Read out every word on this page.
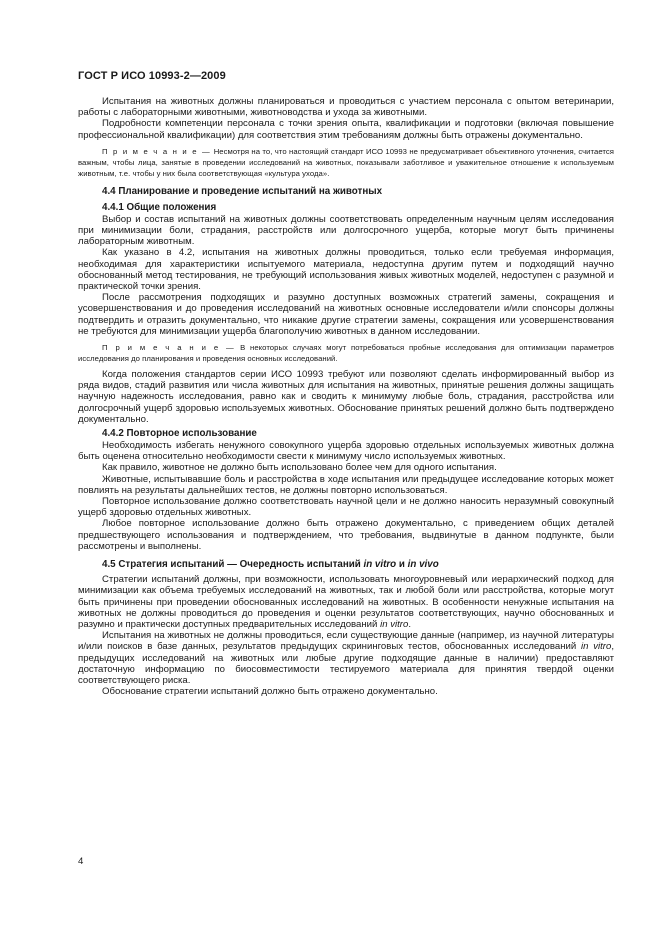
ГОСТ Р ИСО 10993-2—2009

Испытания на животных должны планироваться и проводиться с участием персонала с опытом ветеринарии, работы с лабораторными животными, животноводства и ухода за животными.

Подробности компетенции персонала с точки зрения опыта, квалификации и подготовки (включая повышение профессиональной квалификации) для соответствия этим требованиям должны быть отражены документально.

П р и м е ч а н и е — Несмотря на то, что настоящий стандарт ИСО 10993 не предусматривает объективного уточнения, считается важным, чтобы лица, занятые в проведении исследований на животных, показывали заботливое и уважительное отношение к используемым животным, т.е. чтобы у них была соответствующая «культура ухода».

4.4 Планирование и проведение испытаний на животных
4.4.1 Общие положения

Выбор и состав испытаний на животных должны соответствовать определенным научным целям исследования при минимизации боли, страдания, расстройств или долгосрочного ущерба, которые могут быть причинены лабораторным животным.

Как указано в 4.2, испытания на животных должны проводиться, только если требуемая информация, необходимая для характеристики испытуемого материала, недоступна другим путем и подходящий научно обоснованный метод тестирования, не требующий использования живых животных моделей, недоступен с разумной и практической точки зрения.

После рассмотрения подходящих и разумно доступных возможных стратегий замены, сокращения и усовершенствования и до проведения исследований на животных основные исследователи и/или спонсоры должны подтвердить и отразить документально, что никакие другие стратегии замены, сокращения или усовершенствования не требуются для минимизации ущерба благополучию животных в данном исследовании.

П р и м е ч а н и е — В некоторых случаях могут потребоваться пробные исследования для оптимизации параметров исследования до планирования и проведения основных исследований.

Когда положения стандартов серии ИСО 10993 требуют или позволяют сделать информированный выбор из ряда видов, стадий развития или числа животных для испытания на животных, принятые решения должны защищать научную надежность исследования, равно как и сводить к минимуму любые боль, страдания, расстройства или долгосрочный ущерб здоровью используемых животных. Обоснование принятых решений должно быть подтверждено документально.

4.4.2 Повторное использование

Необходимость избегать ненужного совокупного ущерба здоровью отдельных используемых животных должна быть оценена относительно необходимости свести к минимуму число используемых животных.

Как правило, животное не должно быть использовано более чем для одного испытания.

Животные, испытывавшие боль и расстройства в ходе испытания или предыдущее исследование которых может повлиять на результаты дальнейших тестов, не должны повторно использоваться.

Повторное использование должно соответствовать научной цели и не должно наносить неразумный совокупный ущерб здоровью отдельных животных.

Любое повторное использование должно быть отражено документально, с приведением общих деталей предшествующего использования и подтверждением, что требования, выдвинутые в данном подпункте, были рассмотрены и выполнены.

4.5 Стратегия испытаний — Очередность испытаний in vitro и in vivo

Стратегии испытаний должны, при возможности, использовать многоуровневый или иерархический подход для минимизации как объема требуемых исследований на животных, так и любой боли или расстройства, которые могут быть причинены при проведении обоснованных исследований на животных. В особенности ненужные испытания на животных не должны проводиться до проведения и оценки результатов соответствующих, научно обоснованных и разумно и практически доступных предварительных исследований in vitro.

Испытания на животных не должны проводиться, если существующие данные (например, из научной литературы и/или поисков в базе данных, результатов предыдущих скрининговых тестов, обоснованных исследований in vitro, предыдущих исследований на животных или любые другие подходящие данные в наличии) предоставляют достаточную информацию по биосовместимости тестируемого материала для принятия твердой оценки соответствующего риска.

Обоснование стратегии испытаний должно быть отражено документально.

4
